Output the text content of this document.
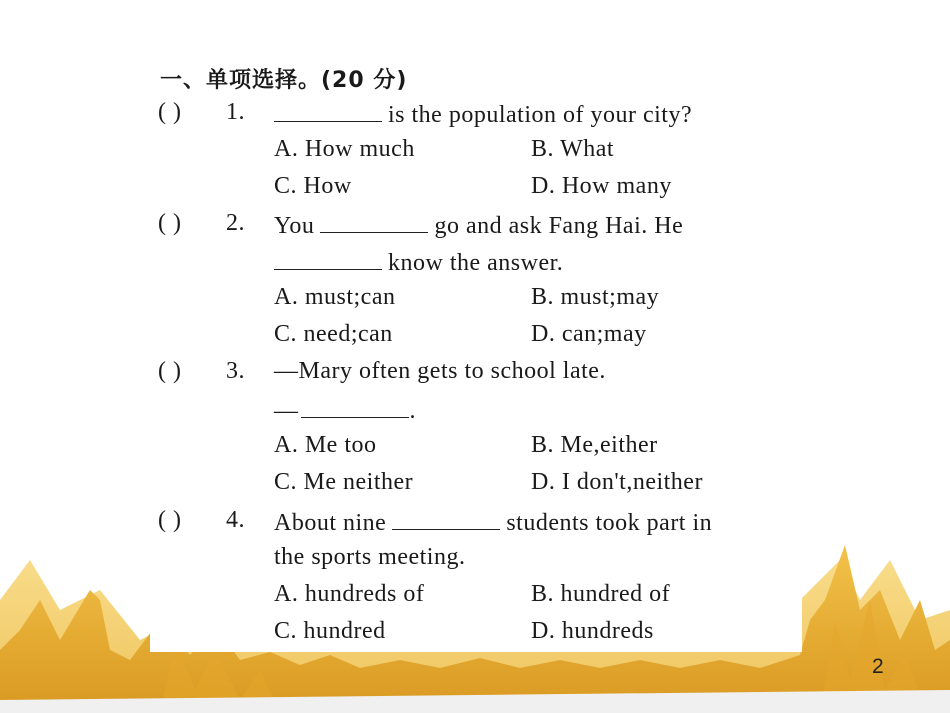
一、单项选择。(20 分)
( ) 1.	is the population of your city?
A. How much	B. What
C. How	D. How many
( ) 2. You	go and ask Fang Hai. He
know the answer.
A. must;can	B. must;may
C. need;can	D. can;may
( ) 3. —Mary often gets to school late.
—	.
A. Me too	B. Me,either
C. Me neither	D. I don't,neither
( ) 4. About nine	students took part in
the sports meeting.
A. hundreds of	B. hundred of
C. hundred	D. hundreds
2
